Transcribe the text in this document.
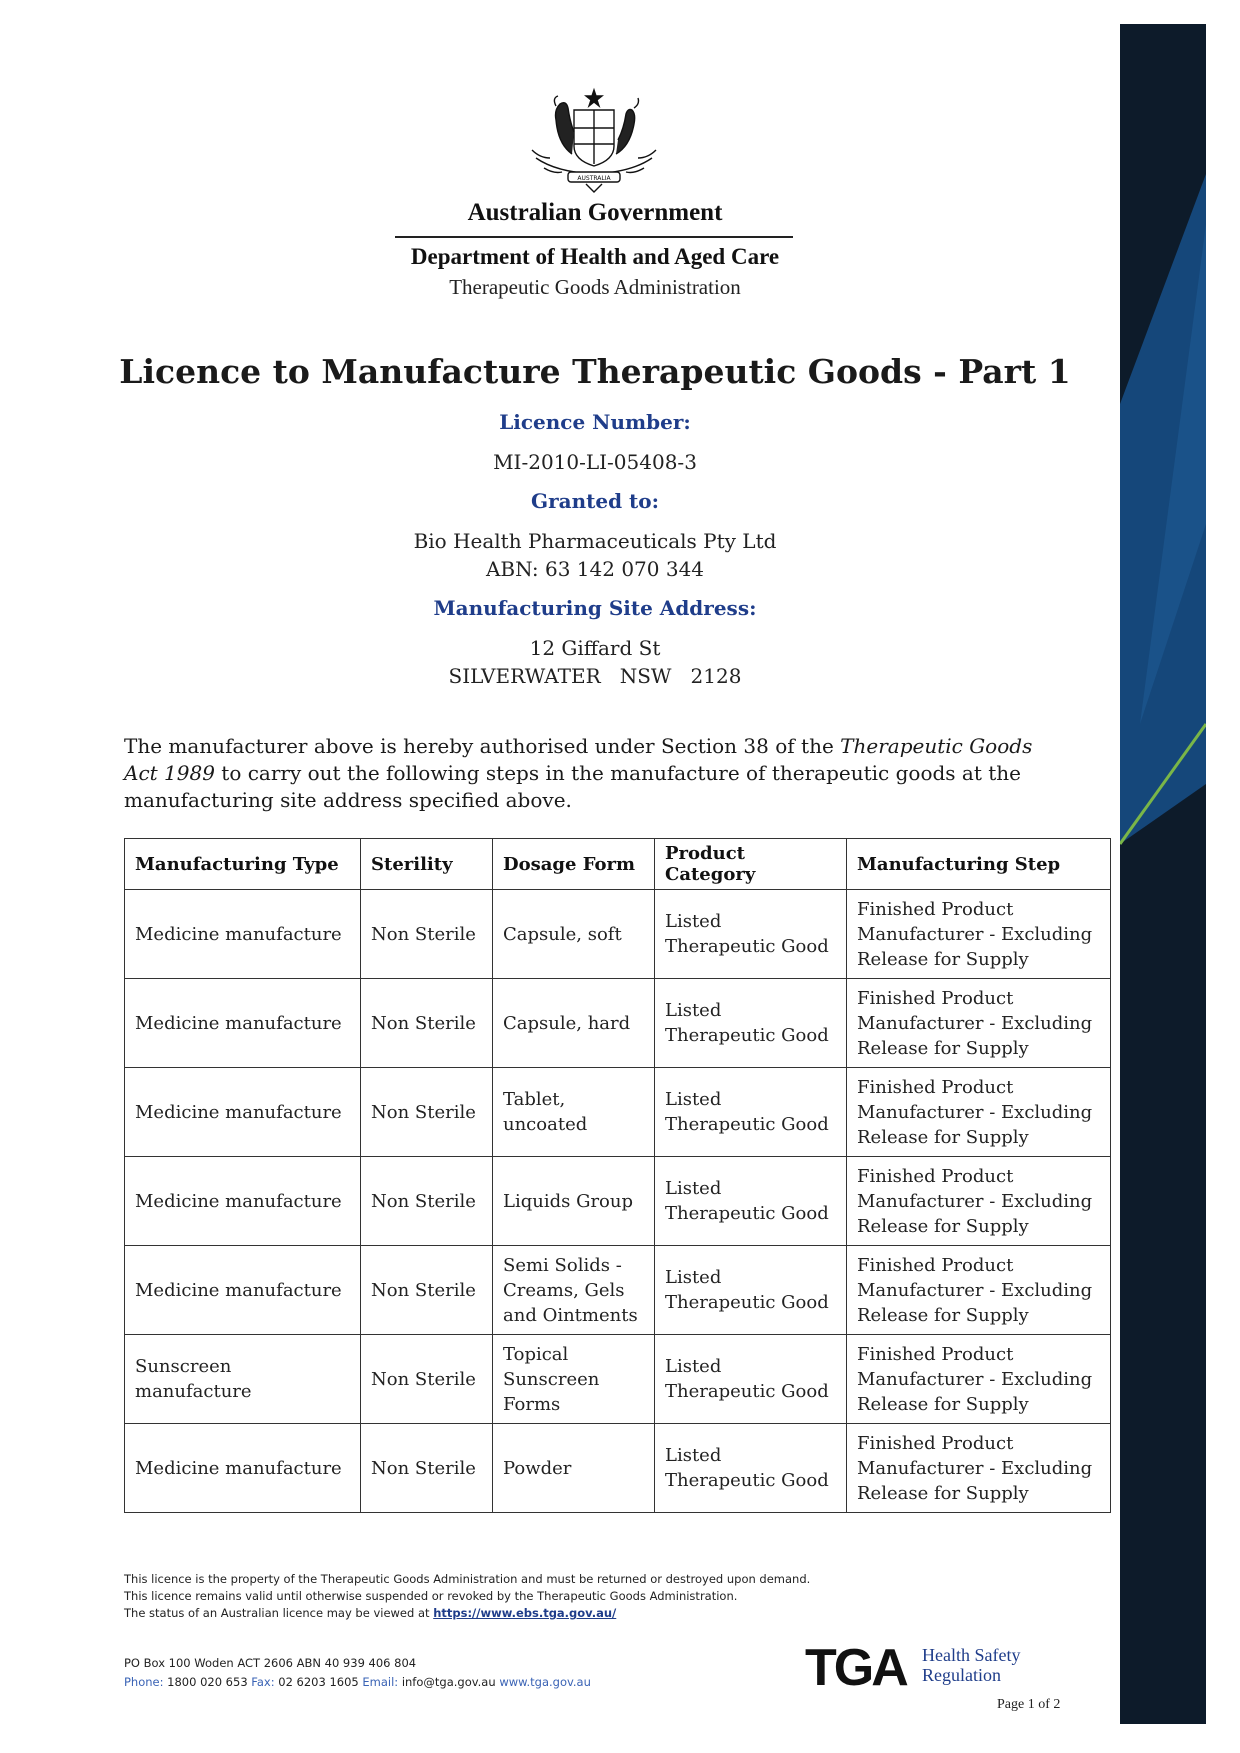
AUSTRALIA
Australian Government
Department of Health and Aged Care
Therapeutic Goods Administration
Licence to Manufacture Therapeutic Goods - Part 1
Licence Number:
MI-2010-LI-05408-3
Granted to:
Bio Health Pharmaceuticals Pty Ltd
ABN: 63 142 070 344
Manufacturing Site Address:
12 Giffard St
SILVERWATER   NSW   2128
The manufacturer above is hereby authorised under Section 38 of the Therapeutic Goods Act 1989 to carry out the following steps in the manufacture of therapeutic goods at the manufacturing site address specified above.
Manufacturing Type	Sterility	Dosage Form	Product Category	Manufacturing Step
Medicine manufacture	Non Sterile	Capsule, soft	Listed Therapeutic Good	Finished Product Manufacturer - Excluding Release for Supply
Medicine manufacture	Non Sterile	Capsule, hard	Listed Therapeutic Good	Finished Product Manufacturer - Excluding Release for Supply
Medicine manufacture	Non Sterile	Tablet, uncoated	Listed Therapeutic Good	Finished Product Manufacturer - Excluding Release for Supply
Medicine manufacture	Non Sterile	Liquids Group	Listed Therapeutic Good	Finished Product Manufacturer - Excluding Release for Supply
Medicine manufacture	Non Sterile	Semi Solids - Creams, Gels and Ointments	Listed Therapeutic Good	Finished Product Manufacturer - Excluding Release for Supply
Sunscreen manufacture	Non Sterile	Topical Sunscreen Forms	Listed Therapeutic Good	Finished Product Manufacturer - Excluding Release for Supply
Medicine manufacture	Non Sterile	Powder	Listed Therapeutic Good	Finished Product Manufacturer - Excluding Release for Supply
This licence is the property of the Therapeutic Goods Administration and must be returned or destroyed upon demand.
This licence remains valid until otherwise suspended or revoked by the Therapeutic Goods Administration.
The status of an Australian licence may be viewed at https://www.ebs.tga.gov.au/
PO Box 100 Woden ACT 2606 ABN 40 939 406 804
Phone: 1800 020 653 Fax: 02 6203 1605 Email: info@tga.gov.au www.tga.gov.au	TGA Health Safety Regulation
Page 1 of 2
